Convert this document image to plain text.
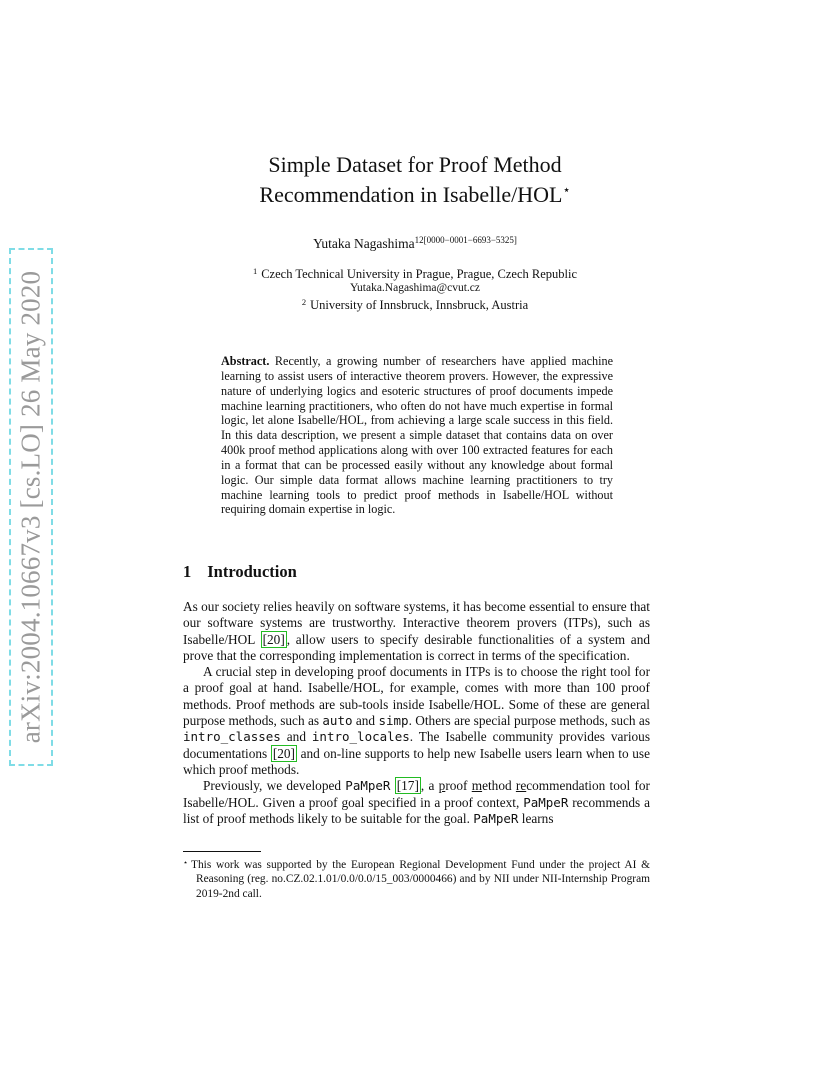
arXiv:2004.10667v3 [cs.LO] 26 May 2020
Simple Dataset for Proof Method
Recommendation in Isabelle/HOL⋆
Yutaka Nagashima$^{12[0000-0001-6693-5325]}$
$^1$ Czech Technical University in Prague, Prague, Czech Republic
Yutaka.Nagashima@cvut.cz
$^2$ University of Innsbruck, Innsbruck, Austria
Abstract. Recently, a growing number of researchers have applied machine learning to assist users of interactive theorem provers. However, the expressive nature of underlying logics and esoteric structures of proof documents impede machine learning practitioners, who often do not have much expertise in formal logic, let alone Isabelle/HOL, from achieving a large scale success in this field. In this data description, we present a simple dataset that contains data on over 400k proof method applications along with over 100 extracted features for each in a format that can be processed easily without any knowledge about formal logic. Our simple data format allows machine learning practitioners to try machine learning tools to predict proof methods in Isabelle/HOL without requiring domain expertise in logic.
1 Introduction

As our society relies heavily on software systems, it has become essential to ensure that our software systems are trustworthy. Interactive theorem provers (ITPs), such as Isabelle/HOL [20] , allow users to specify desirable functionalities of a system and prove that the corresponding implementation is correct in terms of the specification.

A crucial step in developing proof documents in ITPs is to choose the right tool for a proof goal at hand. Isabelle/HOL, for example, comes with more than 100 proof methods. Proof methods are sub-tools inside Isabelle/HOL. Some of these are general purpose methods, such as auto and simp. Others are special purpose methods, such as intro_classes and intro_locales. The Isabelle community provides various documentations [20] and on-line supports to help new Isabelle users learn when to use which proof methods.

Previously, we developed PaMpeR [17] , a proof method recommendation tool for Isabelle/HOL. Given a proof goal specified in a proof context, PaMpeR recommends a list of proof methods likely to be suitable for the goal. PaMpeR learns

⋆ This work was supported by the European Regional Development Fund under the project AI & Reasoning (reg. no.CZ.02.1.01/0.0/0.0/15_003/0000466) and by NII under NII-Internship Program 2019-2nd call.
